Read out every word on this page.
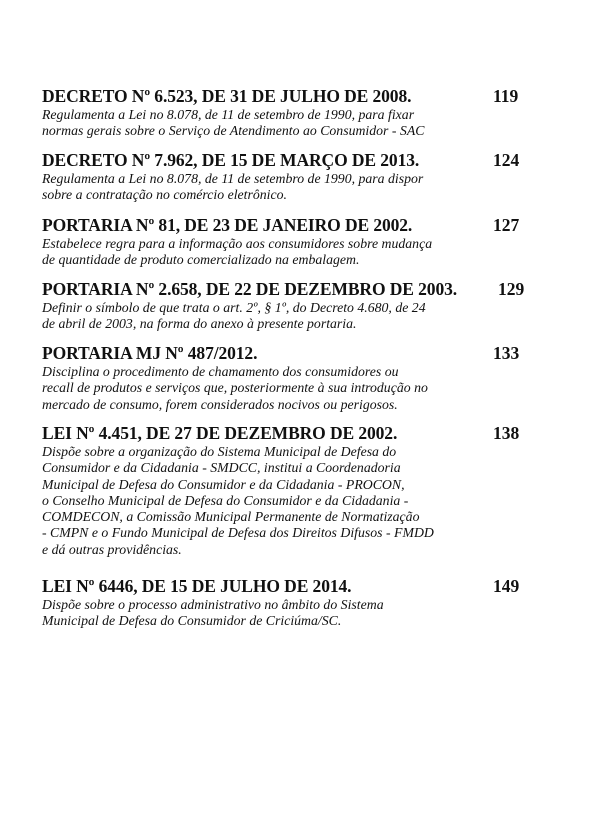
DECRETO Nº 6.523, DE 31 DE JULHO DE 2008.	119

Regulamenta a Lei no 8.078, de 11 de setembro de 1990, para fixar
normas gerais sobre o Serviço de Atendimento ao Consumidor - SAC

DECRETO Nº 7.962, DE 15 DE MARÇO DE 2013.	124

Regulamenta a Lei no 8.078, de 11 de setembro de 1990, para dispor
sobre a contratação no comércio eletrônico.

PORTARIA Nº 81, DE 23 DE JANEIRO DE 2002.	127

Estabelece regra para a informação aos consumidores sobre mudança
de quantidade de produto comercializado na embalagem.

PORTARIA Nº 2.658, DE 22 DE DEZEMBRO DE 2003. 129

Definir o símbolo de que trata o art. 2º, § 1º, do Decreto 4.680, de 24
de abril de 2003, na forma do anexo à presente portaria.

PORTARIA MJ Nº 487/2012.	133

Disciplina o procedimento de chamamento dos consumidores ou
recall de produtos e serviços que, posteriormente à sua introdução no
mercado de consumo, forem considerados nocivos ou perigosos.

LEI Nº 4.451, DE 27 DE DEZEMBRO DE 2002.	138

Dispõe sobre a organização do Sistema Municipal de Defesa do
Consumidor e da Cidadania - SMDCC, institui a Coordenadoria
Municipal de Defesa do Consumidor e da Cidadania - PROCON,
o Conselho Municipal de Defesa do Consumidor e da Cidadania -
COMDECON, a Comissão Municipal Permanente de Normatização
- CMPN e o Fundo Municipal de Defesa dos Direitos Difusos - FMDD
e dá outras providências.

LEI Nº 6446, DE 15 DE JULHO DE 2014.	149

Dispõe sobre o processo administrativo no âmbito do Sistema
Municipal de Defesa do Consumidor de Criciúma/SC.
